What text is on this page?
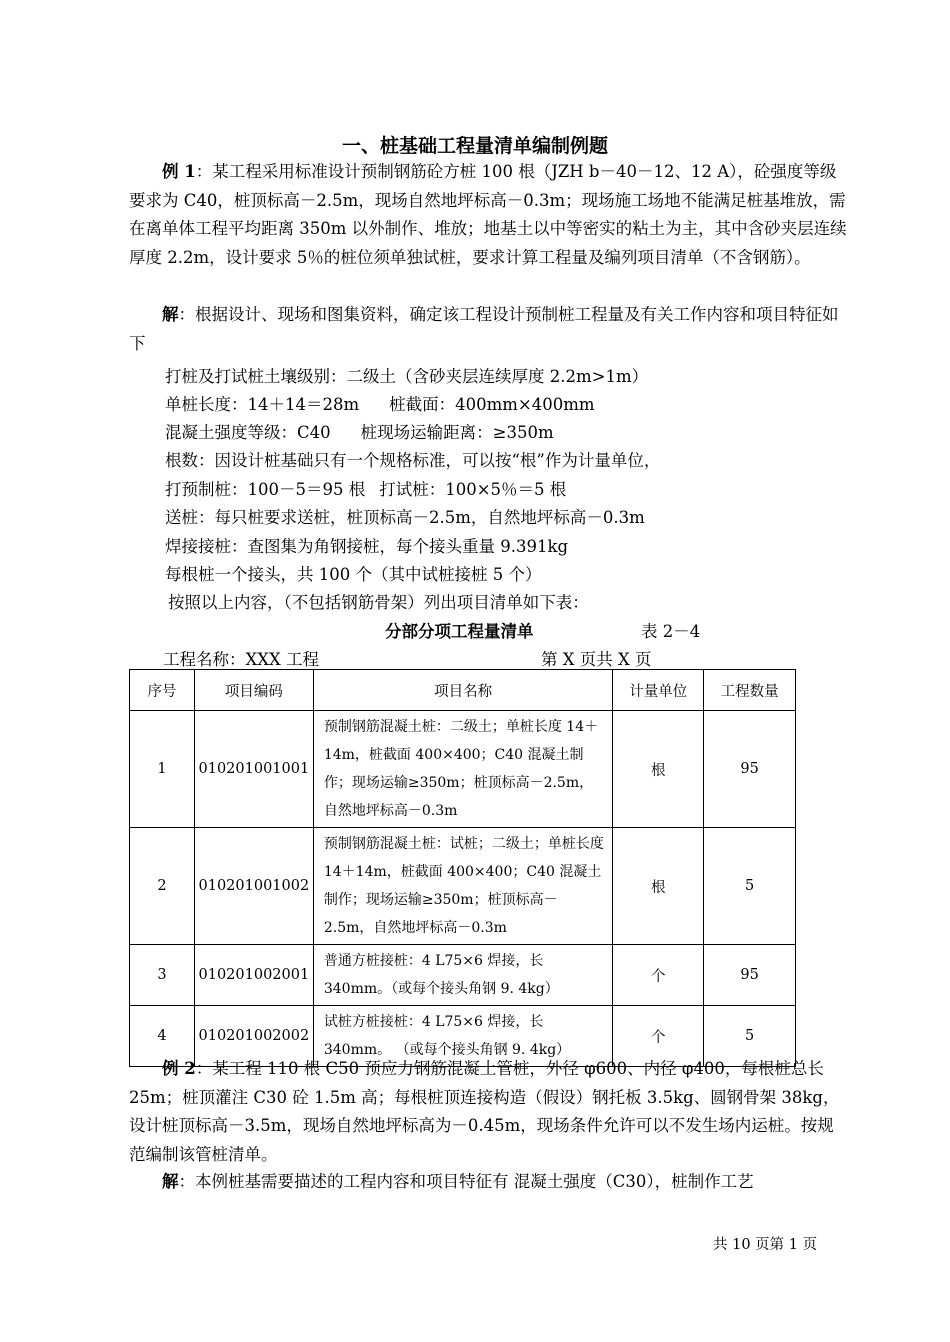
一、桩基础工程量清单编制例题

例 1：某工程采用标准设计预制钢筋砼方桩 100 根（JZH b－40－12、12 A），砼强度等级要求为 C40，桩顶标高－2.5m，现场自然地坪标高－0.3m；现场施工场地不能满足桩基堆放，需在离单体工程平均距离 350m 以外制作、堆放；地基土以中等密实的粘土为主，其中含砂夹层连续厚度 2.2m，设计要求 5％的桩位须单独试桩，要求计算工程量及编列项目清单（不含钢筋）。

解：根据设计、现场和图集资料，确定该工程设计预制桩工程量及有关工作内容和项目特征如下

打桩及打试桩土壤级别：二级土（含砂夹层连续厚度 2.2m>1m）
单桩长度：14＋14＝28m 桩截面：400mm×400mm
混凝土强度等级：C40 桩现场运输距离：≥350m
根数：因设计桩基础只有一个规格标准，可以按“根”作为计量单位，
打预制桩：100－5＝95 根 打试桩：100×5％＝5 根
送桩：每只桩要求送桩，桩顶标高－2.5m，自然地坪标高－0.3m
焊接接桩：查图集为角钢接桩，每个接头重量 9.391kg
每根桩一个接头，共 100 个（其中试桩接桩 5 个）
按照以上内容，（不包括钢筋骨架）列出项目清单如下表：
分部分项工程量清单	表 2－4
工程名称：XXX 工程	第 X 页共 X 页
序号	项目编码	项目名称	计量单位	工程数量
1	010201001001	预制钢筋混凝土桩：二级土；单桩长度 14＋14m，桩截面 400×400；C40 混凝土制作；现场运输≥350m；桩顶标高－2.5m，自然地坪标高－0.3m	根	95
2	010201001002	预制钢筋混凝土桩：试桩；二级土；单桩长度 14＋14m，桩截面 400×400；C40 混凝土制作；现场运输≥350m；桩顶标高－2.5m，自然地坪标高－0.3m	根	5
3	010201002001	普通方桩接桩：4 L75×6 焊接，长 340mm。（或每个接头角钢 9. 4kg）	个	95
4	010201002002	试桩方桩接桩：4 L75×6 焊接，长 340mm。 （或每个接头角钢 9. 4kg）	个	5

例 2：某工程 110 根 C50 预应力钢筋混凝土管桩，外径 φ600、内径 φ400，每根桩总长 25m；桩顶灌注 C30 砼 1.5m 高；每根桩顶连接构造（假设）钢托板 3.5kg、圆钢骨架 38kg，设计桩顶标高－3.5m，现场自然地坪标高为－0.45m，现场条件允许可以不发生场内运桩。按规范编制该管桩清单。

解：本例桩基需要描述的工程内容和项目特征有 混凝土强度（C30），桩制作工艺

共 10 页第 1 页
